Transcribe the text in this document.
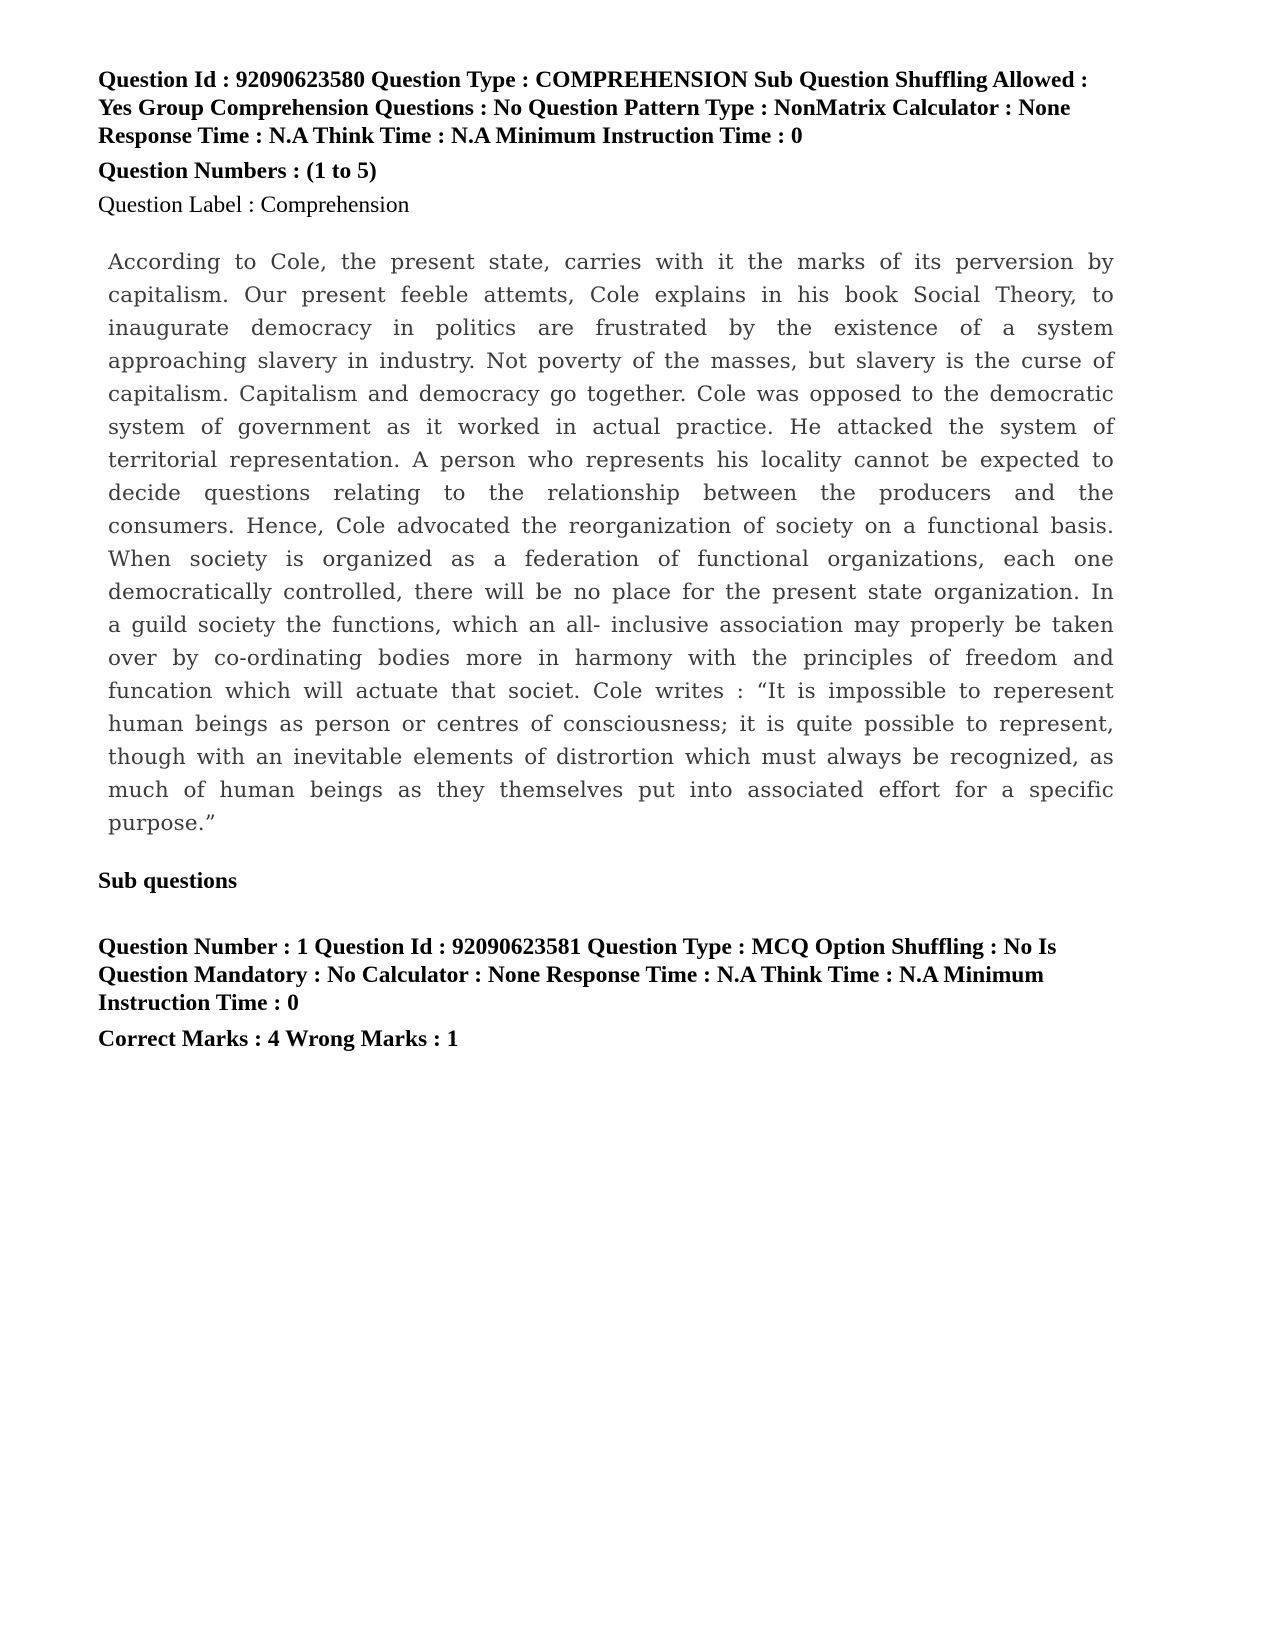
Question Id : 92090623580 Question Type : COMPREHENSION Sub Question Shuffling Allowed :
Yes Group Comprehension Questions : No Question Pattern Type : NonMatrix Calculator : None
Response Time : N.A Think Time : N.A Minimum Instruction Time : 0
Question Numbers : (1 to 5)
Question Label : Comprehension
According to Cole, the present state, carries with it the marks of its perversion by
capitalism. Our present feeble attemts, Cole explains in his book Social Theory, to
inaugurate democracy in politics are frustrated by the existence of a system
approaching slavery in industry. Not poverty of the masses, but slavery is the curse of
capitalism. Capitalism and democracy go together. Cole was opposed to the democratic
system of government as it worked in actual practice. He attacked the system of
territorial representation. A person who represents his locality cannot be expected to
decide questions relating to the relationship between the producers and the
consumers. Hence, Cole advocated the reorganization of society on a functional basis.
When society is organized as a federation of functional organizations, each one
democratically controlled, there will be no place for the present state organization. In
a guild society the functions, which an all- inclusive association may properly be taken
over by co-ordinating bodies more in harmony with the principles of freedom and
funcation which will actuate that societ. Cole writes : “It is impossible to reperesent
human beings as person or centres of consciousness; it is quite possible to represent,
though with an inevitable elements of distrortion which must always be recognized, as
much of human beings as they themselves put into associated effort for a specific
purpose.”
Sub questions
Question Number : 1 Question Id : 92090623581 Question Type : MCQ Option Shuffling : No Is
Question Mandatory : No Calculator : None Response Time : N.A Think Time : N.A Minimum
Instruction Time : 0
Correct Marks : 4 Wrong Marks : 1
